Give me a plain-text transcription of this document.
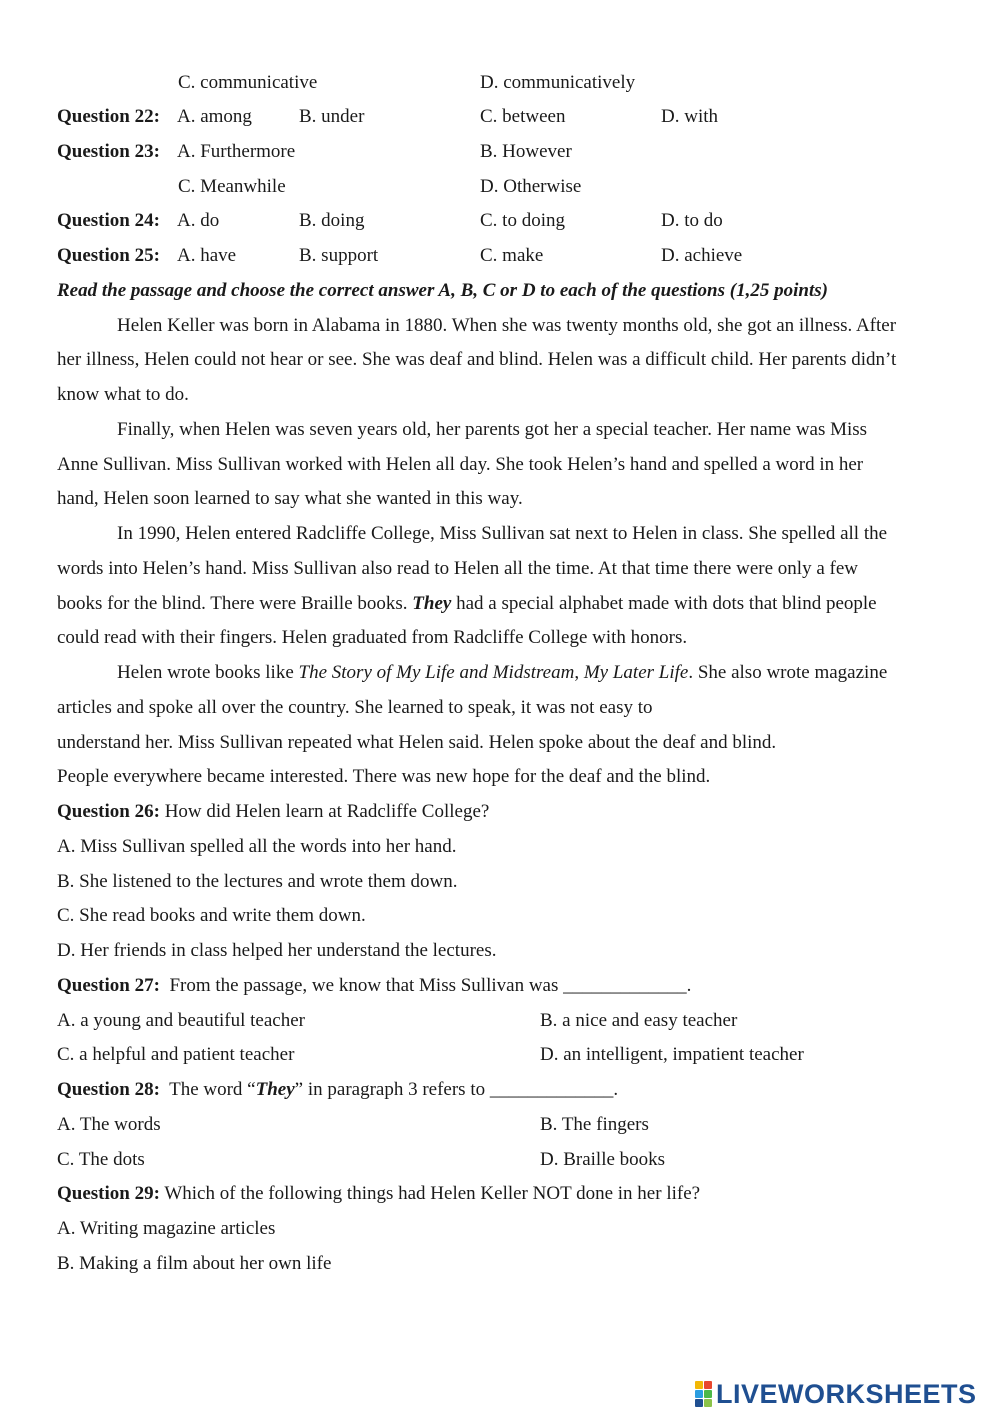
C. communicative	D. communicatively
Question 22: A. among B. under	C. between	D. with
Question 23: A. Furthermore	B. However
C. Meanwhile	D. Otherwise
Question 24: A. do	B. doing	C. to doing	D. to do
Question 25: A. have	B. support	C. make	D. achieve
Read the passage and choose the correct answer A, B, C or D to each of the questions (1,25 points)
Helen Keller was born in Alabama in 1880. When she was twenty months old, she got an illness. After
her illness, Helen could not hear or see. She was deaf and blind. Helen was a difficult child. Her parents didn’t
know what to do.
Finally, when Helen was seven years old, her parents got her a special teacher. Her name was Miss
Anne Sullivan. Miss Sullivan worked with Helen all day. She took Helen’s hand and spelled a word in her
hand, Helen soon learned to say what she wanted in this way.
In 1990, Helen entered Radcliffe College, Miss Sullivan sat next to Helen in class. She spelled all the
words into Helen’s hand. Miss Sullivan also read to Helen all the time. At that time there were only a few
books for the blind. There were Braille books. They had a special alphabet made with dots that blind people
could read with their fingers. Helen graduated from Radcliffe College with honors.
Helen wrote books like The Story of My Life and Midstream, My Later Life. She also wrote magazine
articles and spoke all over the country. She learned to speak, it was not easy to
understand her. Miss Sullivan repeated what Helen said. Helen spoke about the deaf and blind.
People everywhere became interested. There was new hope for the deaf and the blind.
Question 26: How did Helen learn at Radcliffe College?
A. Miss Sullivan spelled all the words into her hand.
B. She listened to the lectures and wrote them down.
C. She read books and write them down.
D. Her friends in class helped her understand the lectures.
Question 27:  From the passage, we know that Miss Sullivan was _____________.
A. a young and beautiful teacher	B. a nice and easy teacher
C. a helpful and patient teacher	D. an intelligent, impatient teacher
Question 28:  The word “They” in paragraph 3 refers to _____________.
A. The words	B. The fingers
C. The dots	D. Braille books
Question 29: Which of the following things had Helen Keller NOT done in her life?
A. Writing magazine articles
B. Making a film about her own life
LIVEWORKSHEETS
